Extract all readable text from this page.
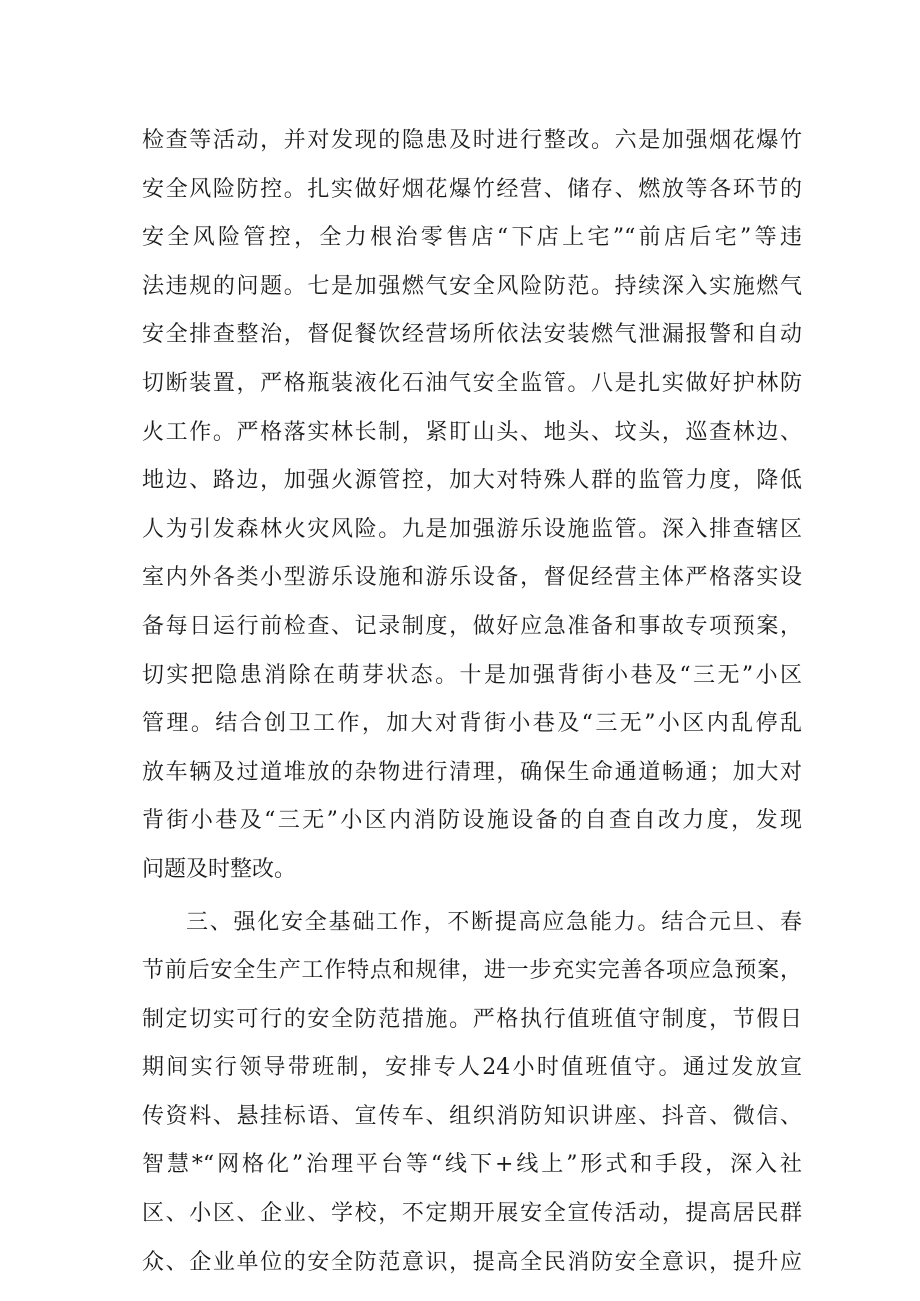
检查等活动，并对发现的隐患及时进行整改。六是加强烟花爆竹
安全风险防控。扎实做好烟花爆竹经营、储存、燃放等各环节的
安全风险管控，全力根治零售店“下店上宅”“前店后宅”等违
法违规的问题。七是加强燃气安全风险防范。持续深入实施燃气
安全排查整治，督促餐饮经营场所依法安装燃气泄漏报警和自动
切断装置，严格瓶装液化石油气安全监管。八是扎实做好护林防
火工作。严格落实林长制，紧盯山头、地头、坟头，巡查林边、
地边、路边，加强火源管控，加大对特殊人群的监管力度，降低
人为引发森林火灾风险。九是加强游乐设施监管。深入排查辖区
室内外各类小型游乐设施和游乐设备，督促经营主体严格落实设
备每日运行前检查、记录制度，做好应急准备和事故专项预案，
切实把隐患消除在萌芽状态。十是加强背街小巷及“三无”小区
管理。结合创卫工作，加大对背街小巷及“三无”小区内乱停乱
放车辆及过道堆放的杂物进行清理，确保生命通道畅通；加大对
背街小巷及“三无”小区内消防设施设备的自查自改力度，发现
问题及时整改。
三、强化安全基础工作，不断提高应急能力。结合元旦、春
节前后安全生产工作特点和规律，进一步充实完善各项应急预案，
制定切实可行的安全防范措施。严格执行值班值守制度，节假日
期间实行领导带班制，安排专人24小时值班值守。通过发放宣
传资料、悬挂标语、宣传车、组织消防知识讲座、抖音、微信、
智慧*“网格化”治理平台等“线下+线上”形式和手段，深入社
区、小区、企业、学校，不定期开展安全宣传活动，提高居民群
众、企业单位的安全防范意识，提高全民消防安全意识，提升应
